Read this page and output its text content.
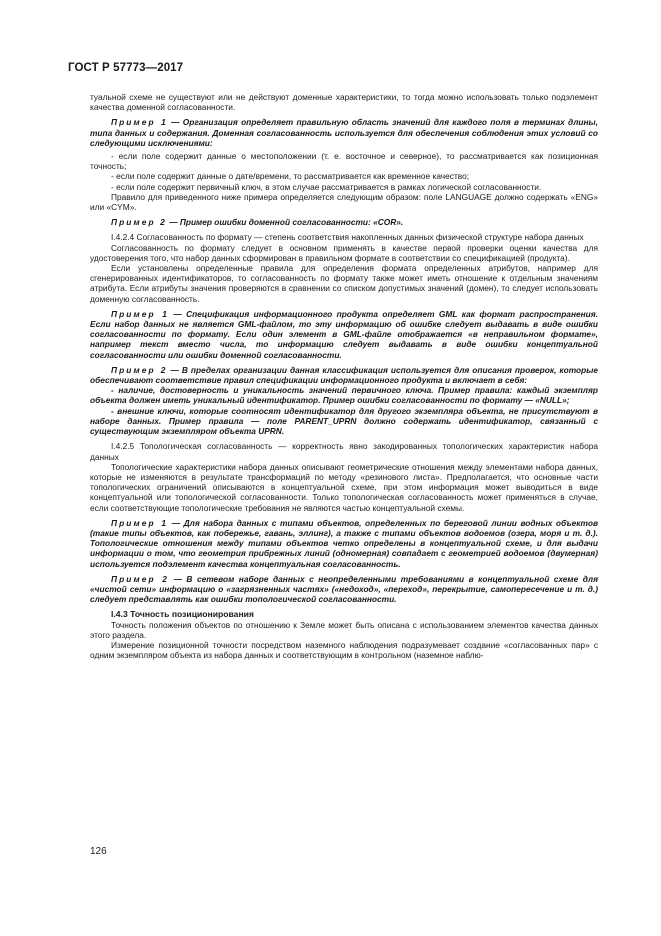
ГОСТ Р 57773—2017

туальной схеме не существуют или не действуют доменные характеристики, то тогда можно использовать только подэлемент качества доменной согласованности.

Пример 1 — Организация определяет правильную область значений для каждого поля в терминах длины, типа данных и содержания. Доменная согласованность используется для обеспечения соблюдения этих условий со следующими исключениями:

- если поле содержит данные о местоположении (т. е. восточное и северное), то рассматривается как позиционная точность;

- если поле содержит данные о дате/времени, то рассматривается как временное качество;

- если поле содержит первичный ключ, в этом случае рассматривается в рамках логической согласованности.

Правило для приведенного ниже примера определяется следующим образом: поле LANGUAGE должно содержать «ENG» или «CYM».

Пример 2 — Пример ошибки доменной согласованности: «COR».

I.4.2.4 Согласованность по формату — степень соответствия накопленных данных физической структуре набора данных

Согласованность по формату следует в основном применять в качестве первой проверки оценки качества для удостоверения того, что набор данных сформирован в правильном формате в соответствии со спецификацией (продукта).

Если установлены определенные правила для определения формата определенных атрибутов, например для сгенерированных идентификаторов, то согласованность по формату также может иметь отношение к отдельным значениям атрибута. Если атрибуты значения проверяются в сравнении со списком допустимых значений (домен), то следует использовать доменную согласованность.

Пример 1 — Спецификация информационного продукта определяет GML как формат распространения. Если набор данных не является GML-файлом, то эту информацию об ошибке следует выдавать в виде ошибки согласованности по формату. Если один элемент в GML-файле отображается «в неправильном формате», например текст вместо числа, то информацию следует выдавать в виде ошибки концептуальной согласованности или ошибки доменной согласованности.

Пример 2 — В пределах организации данная классификация используется для описания проверок, которые обеспечивают соответствие правил спецификации информационного продукта и включает в себя:

- наличие, достоверность и уникальность значений первичного ключа. Пример правила: каждый экземпляр объекта должен иметь уникальный идентификатор. Пример ошибки согласованности по формату — «NULL»;

- внешние ключи, которые соотносят идентификатор для другого экземпляра объекта, не присутствуют в наборе данных. Пример правила — поле PARENT_UPRN должно содержать идентификатор, связанный с существующим экземпляром объекта UPRN.

I.4.2.5 Топологическая согласованность — корректность явно закодированных топологических характеристик набора данных

Топологические характеристики набора данных описывают геометрические отношения между элементами набора данных, которые не изменяются в результате трансформаций по методу «резинового листа». Предполагается, что основные части топологических ограничений описываются в концептуальной схеме, при этом информация может выводиться в виде концептуальной или топологической согласованности. Только топологическая согласованность может применяться в случае, если соответствующие топологические требования не являются частью концептуальной схемы.

Пример 1 — Для набора данных с типами объектов, определенных по береговой линии водных объектов (такие типы объектов, как побережье, гавань, эллинг), а также с типами объектов водоемов (озера, моря и т. д.). Топологические отношения между типами объектов четко определены в концептуальной схеме, и для выдачи информации о том, что геометрия прибрежных линий (одномерная) совпадает с геометрией водоемов (двумерная) используется подэлемент качества концептуальная согласованность.

Пример 2 — В сетевом наборе данных с неопределенными требованиями в концептуальной схеме для «чистой сети» информацию о «загрязненных частях» («недоход», «переход», перекрытие, самопересечение и т. д.) следует представлять как ошибки топологической согласованности.

I.4.3 Точность позиционирования

Точность положения объектов по отношению к Земле может быть описана с использованием элементов качества данных этого раздела.

Измерение позиционной точности посредством наземного наблюдения подразумевает создание «согласованных пар» с одним экземпляром объекта из набора данных и соответствующим в контрольном (наземное наблю-

126
